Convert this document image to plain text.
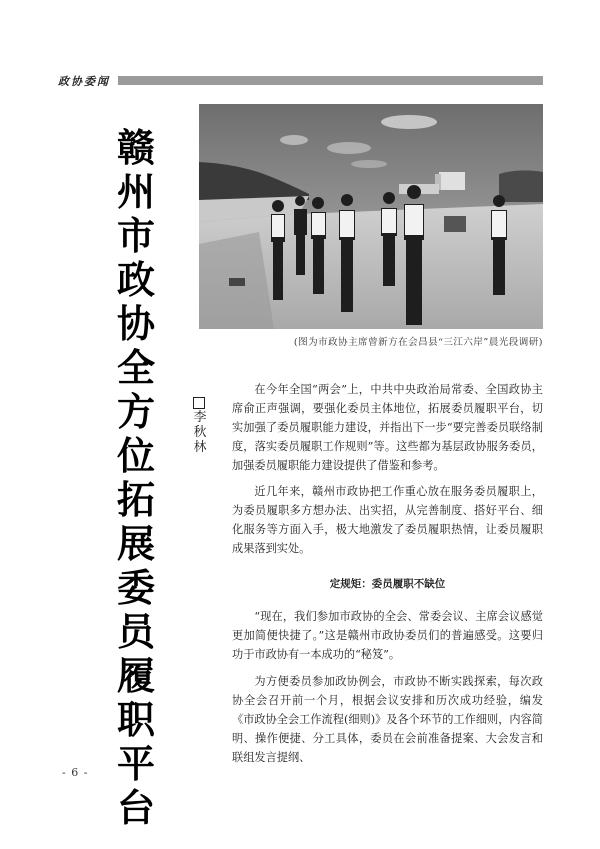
政协委闻
赣
州
市
政
协
全
方
位
拓
展
委
员
履
职
平
台
李
秋
林
(图为市政协主席曾新方在会昌县“三江六岸”晨光段调研)

在今年全国“两会”上，中共中央政治局常委、全国政协主席俞正声强调，要强化委员主体地位，拓展委员履职平台，切实加强了委员履职能力建设，并指出下一步“要完善委员联络制度，落实委员履职工作规则”等。这些都为基层政协服务委员，加强委员履职能力建设提供了借鉴和参考。

近几年来，赣州市政协把工作重心放在服务委员履职上，为委员履职多方想办法、出实招，从完善制度、搭好平台、细化服务等方面入手，极大地激发了委员履职热情，让委员履职成果落到实处。

定规矩：委员履职不缺位

“现在，我们参加市政协的全会、常委会议、主席会议感觉更加简便快捷了。”这是赣州市政协委员们的普遍感受。这要归功于市政协有一本成功的“秘笈”。

为方便委员参加政协例会，市政协不断实践探索，每次政协全会召开前一个月，根据会议安排和历次成功经验，编发《市政协全会工作流程(细则)》及各个环节的工作细则，内容简明、操作便捷、分工具体，委员在会前准备提案、大会发言和联组发言提纲、

- 6 -
